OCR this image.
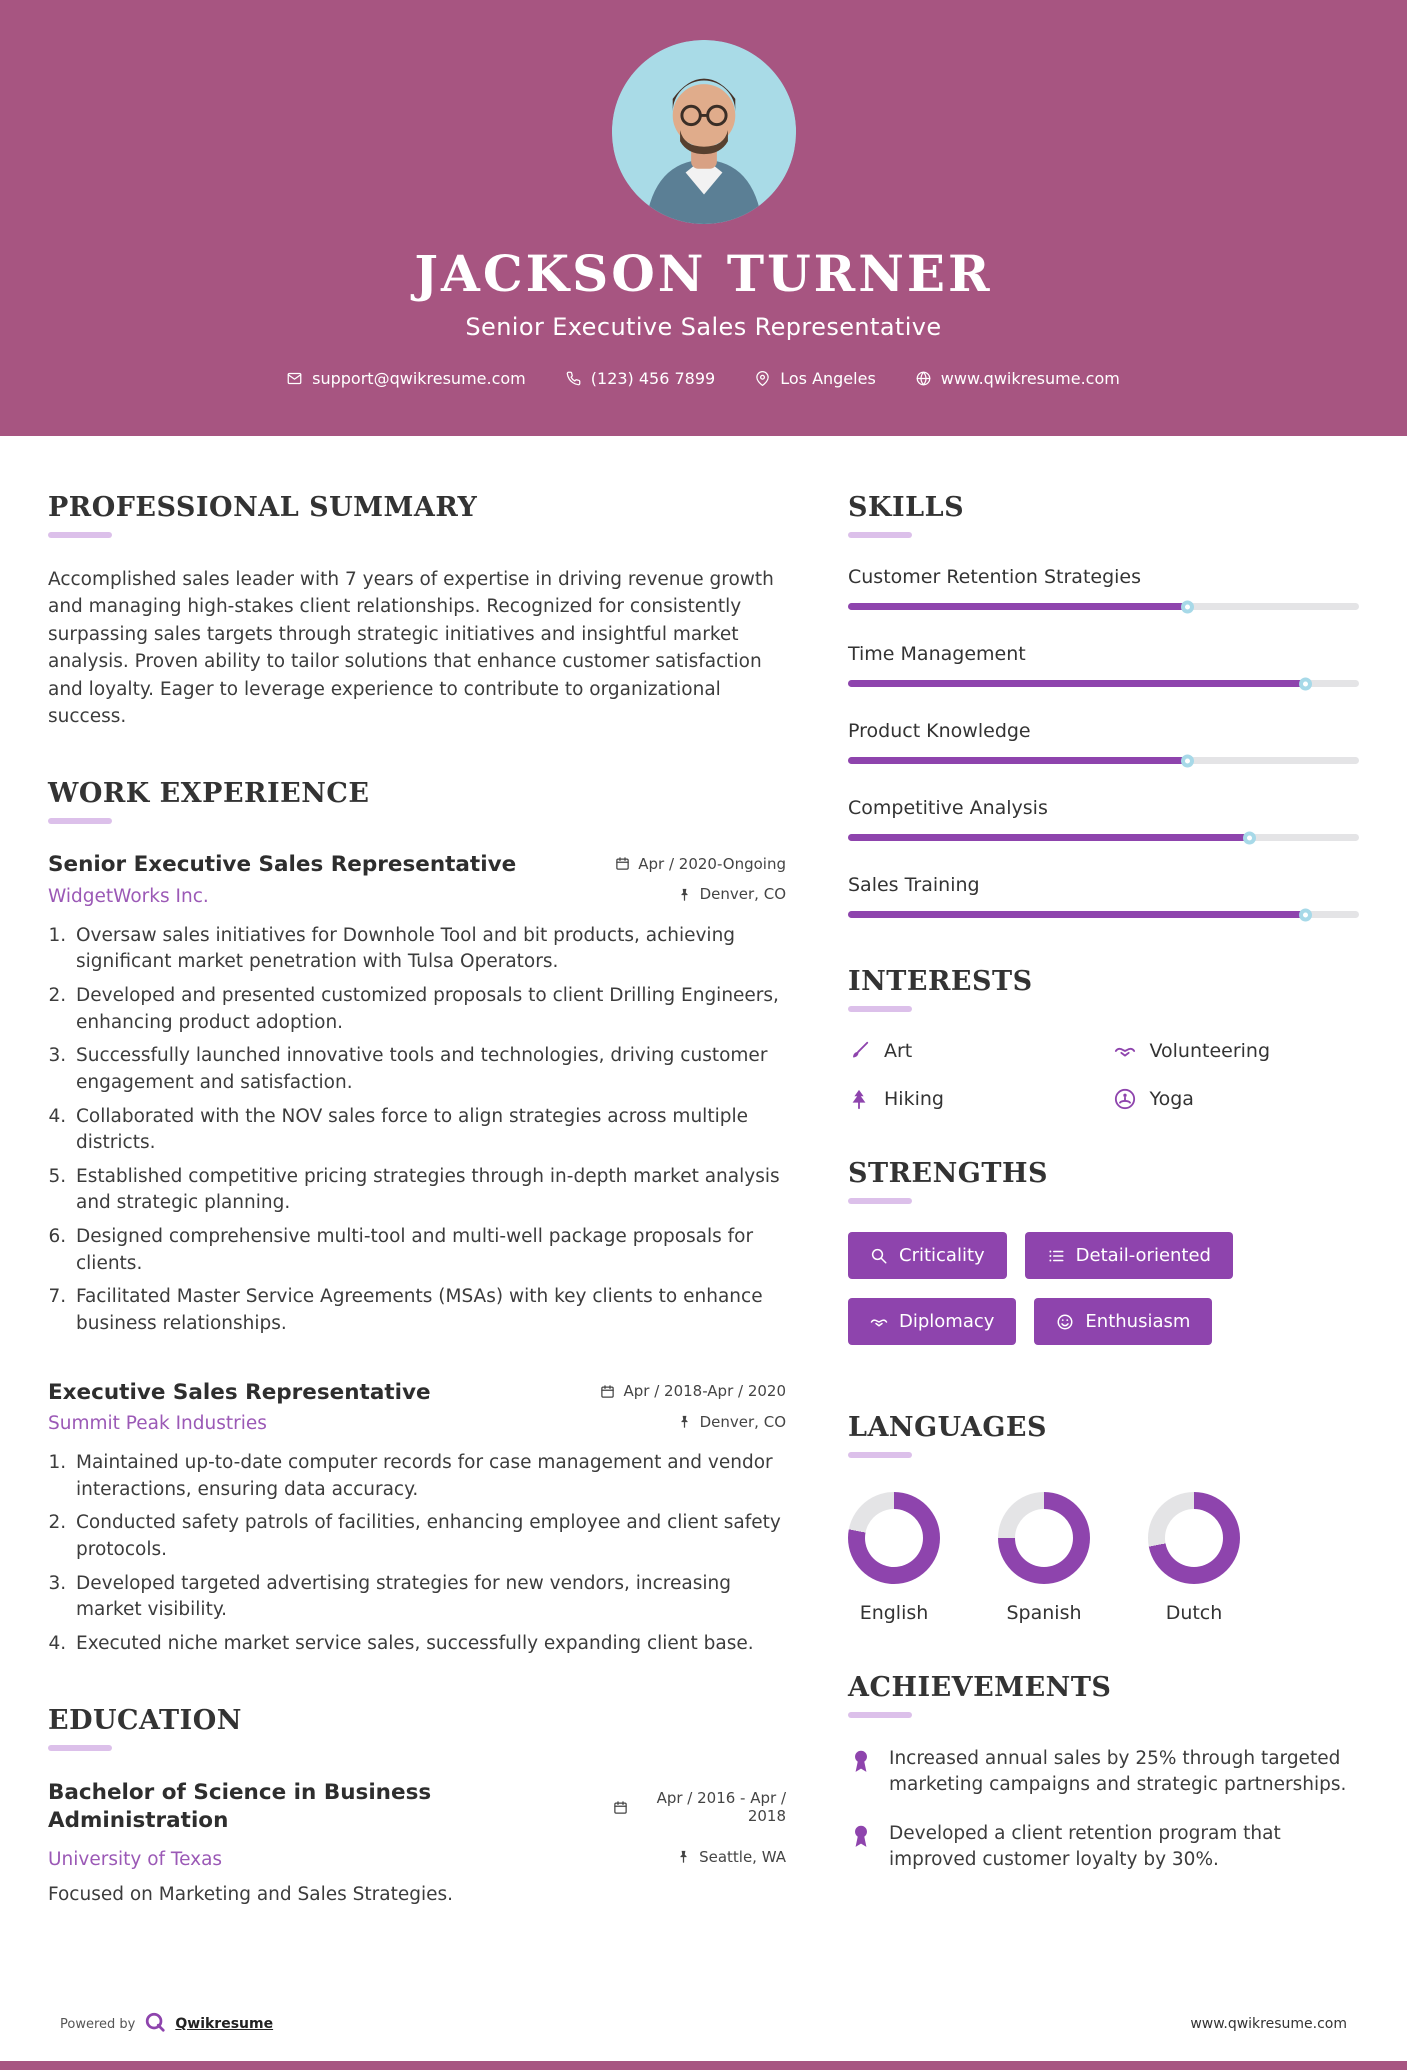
JACKSON TURNER
Senior Executive Sales Representative
support@qwikresume.com	(123) 456 7899	Los Angeles	www.qwikresume.com
PROFESSIONAL SUMMARY

Accomplished sales leader with 7 years of expertise in driving revenue growth and managing high-stakes client relationships. Recognized for consistently surpassing sales targets through strategic initiatives and insightful market analysis. Proven ability to tailor solutions that enhance customer satisfaction and loyalty. Eager to leverage experience to contribute to organizational success.

WORK EXPERIENCE
Senior Executive Sales Representative	Apr / 2020-Ongoing
WidgetWorks Inc.	Denver, CO
1. Oversaw sales initiatives for Downhole Tool and bit products, achieving significant market penetration with Tulsa Operators.
2. Developed and presented customized proposals to client Drilling Engineers, enhancing product adoption.
3. Successfully launched innovative tools and technologies, driving customer engagement and satisfaction.
4. Collaborated with the NOV sales force to align strategies across multiple districts.
5. Established competitive pricing strategies through in-depth market analysis and strategic planning.
6. Designed comprehensive multi-tool and multi-well package proposals for clients.
7. Facilitated Master Service Agreements (MSAs) with key clients to enhance business relationships.
Executive Sales Representative	Apr / 2018-Apr / 2020
Summit Peak Industries	Denver, CO
1. Maintained up-to-date computer records for case management and vendor interactions, ensuring data accuracy.
2. Conducted safety patrols of facilities, enhancing employee and client safety protocols.
3. Developed targeted advertising strategies for new vendors, increasing market visibility.
4. Executed niche market service sales, successfully expanding client base.
EDUCATION
Bachelor of Science in Business Administration
Apr / 2016 - Apr / 2018
University of Texas	Seattle, WA

Focused on Marketing and Sales Strategies.

SKILLS
Customer Retention Strategies
Time Management
Product Knowledge
Competitive Analysis
Sales Training
INTERESTS
Art	Volunteering
Hiking	Yoga
STRENGTHS
Criticality	Detail-oriented
Diplomacy	Enthusiasm
LANGUAGES
English	Spanish	Dutch
ACHIEVEMENTS
Increased annual sales by 25% through targeted marketing campaigns and strategic partnerships.
Developed a client retention program that improved customer loyalty by 30%.
Powered by	Qwikresume	www.qwikresume.com
